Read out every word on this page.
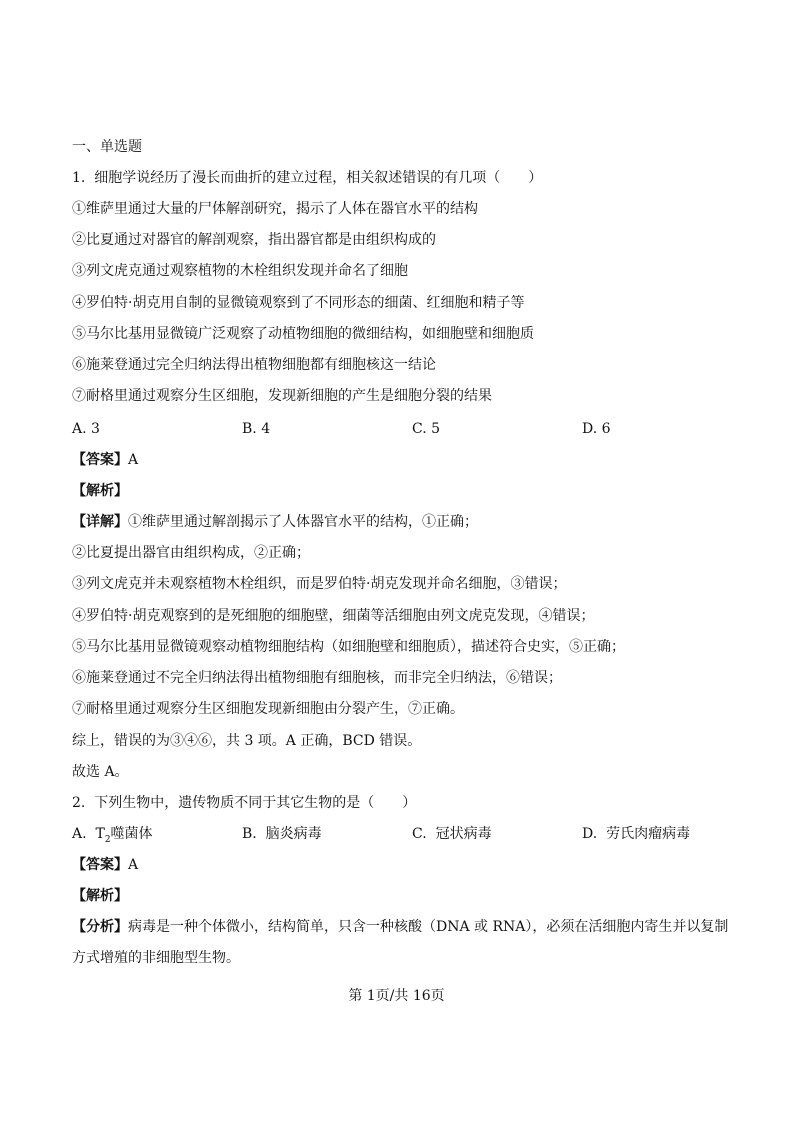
一、单选题
1.  细胞学说经历了漫长而曲折的建立过程，相关叙述错误的有几项（　　）
①维萨里通过大量的尸体解剖研究，揭示了人体在器官水平的结构
②比夏通过对器官的解剖观察，指出器官都是由组织构成的
③列文虎克通过观察植物的木栓组织发现并命名了细胞
④罗伯特·胡克用自制的显微镜观察到了不同形态的细菌、红细胞和精子等
⑤马尔比基用显微镜广泛观察了动植物细胞的微细结构，如细胞壁和细胞质
⑥施莱登通过完全归纳法得出植物细胞都有细胞核这一结论
⑦耐格里通过观察分生区细胞，发现新细胞的产生是细胞分裂的结果
A. 3	B. 4	C. 5	D. 6
【答案】A
【解析】
【详解】①维萨里通过解剖揭示了人体器官水平的结构，①正确；
②比夏提出器官由组织构成，②正确；
③列文虎克并未观察植物木栓组织，而是罗伯特·胡克发现并命名细胞，③错误；
④罗伯特·胡克观察到的是死细胞的细胞壁，细菌等活细胞由列文虎克发现，④错误；
⑤马尔比基用显微镜观察动植物细胞结构（如细胞壁和细胞质），描述符合史实，⑤正确；
⑥施莱登通过不完全归纳法得出植物细胞有细胞核，而非完全归纳法，⑥错误；
⑦耐格里通过观察分生区细胞发现新细胞由分裂产生，⑦正确。
综上，错误的为③④⑥，共 3 项。A 正确，BCD 错误。
故选 A。
2.  下列生物中，遗传物质不同于其它生物的是（　　）
A.  $T_2$噬菌体	B.  脑炎病毒	C.  冠状病毒	D.  劳氏肉瘤病毒
【答案】A
【解析】
【分析】病毒是一种个体微小，结构简单，只含一种核酸（DNA 或 RNA），必须在活细胞内寄生并以复制
方式增殖的非细胞型生物。
第 1页/共 16页
